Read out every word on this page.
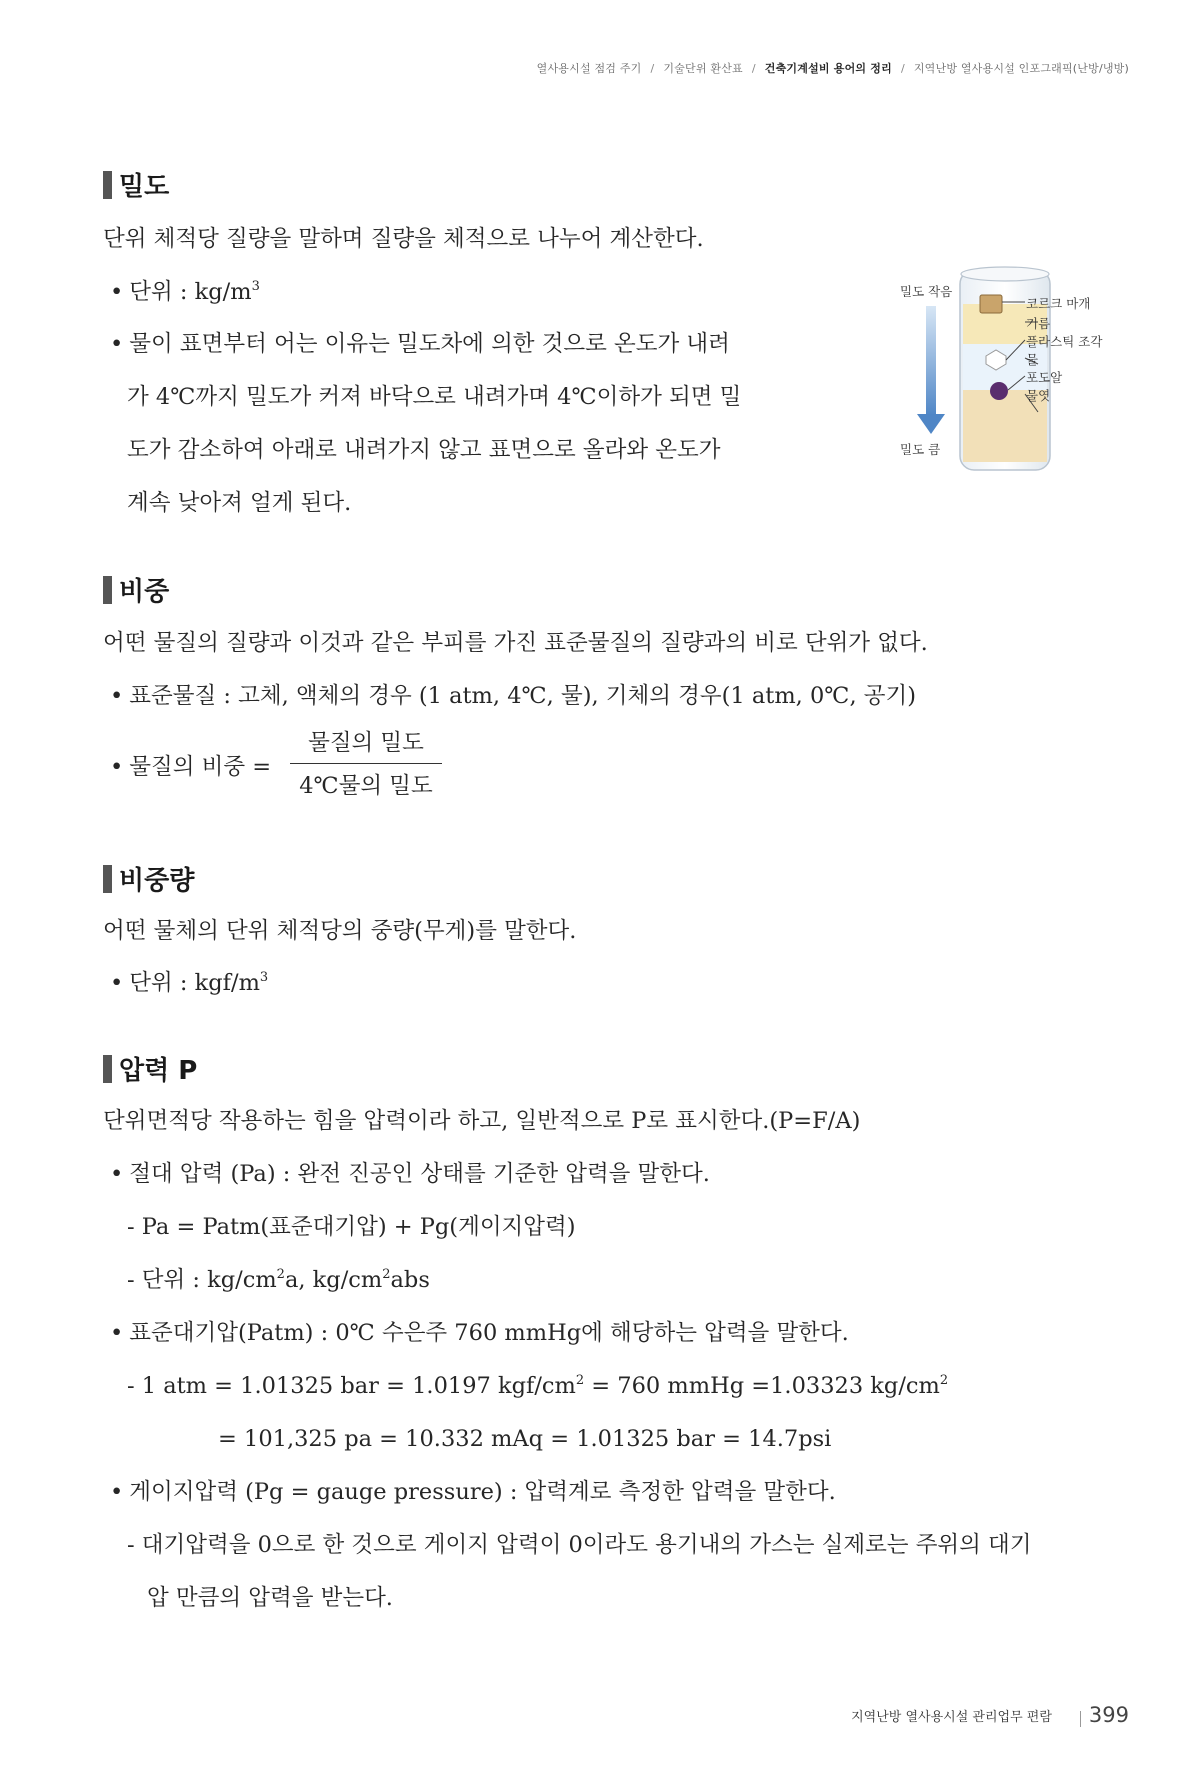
열사용시설 점검 주기 / 기술단위 환산표 / 건축기계설비 용어의 정리 / 지역난방 열사용시설 인포그래픽(난방/냉방)
밀도
단위 체적당 질량을 말하며 질량을 체적으로 나누어 계산한다.
• 단위 : $kg/m^3$
• 물이 표면부터 어는 이유는 밀도차에 의한 것으로 온도가 내려
가 4℃까지 밀도가 커져 바닥으로 내려가며 4℃이하가 되면 밀
도가 감소하여 아래로 내려가지 않고 표면으로 올라와 온도가
계속 낮아져 얼게 된다.
밀도 작음
밀도 큼
코르크 마개
기름
플라스틱 조각
물
포도알
물엿
비중
어떤 물질의 질량과 이것과 같은 부피를 가진 표준물질의 질량과의 비로 단위가 없다.
• 표준물질 : 고체, 액체의 경우 (1 atm, 4℃, 물), 기체의 경우(1 atm, 0℃, 공기)
• 물질의 비중 =
물질의 밀도
4℃물의 밀도
비중량
어떤 물체의 단위 체적당의 중량(무게)를 말한다.
• 단위 : kgf/$m^3$
압력 P
단위면적당 작용하는 힘을 압력이라 하고, 일반적으로 P로 표시한다.(P=F/A)
• 절대 압력 (Pa) : 완전 진공인 상태를 기준한 압력을 말한다.
- Pa = Patm(표준대기압) + Pg(게이지압력)
- 단위 : $kg/cm^2a$, $kg/cm^2abs$
• 표준대기압(Patm) : 0℃ 수은주 760 mmHg에 해당하는 압력을 말한다.
- 1 atm = 1.01325 bar = 1.0197 kgf/$cm^2 = 760$ mmHg =1.03323 $kg/cm^2$
= 101,325 pa = 10.332 mAq = 1.01325 bar = 14.7psi
• 게이지압력 (Pg = gauge pressure) : 압력계로 측정한 압력을 말한다.
- 대기압력을 0으로 한 것으로 게이지 압력이 0이라도 용기내의 가스는 실제로는 주위의 대기
압 만큼의 압력을 받는다.
지역난방 열사용시설 관리업무 편람 399
